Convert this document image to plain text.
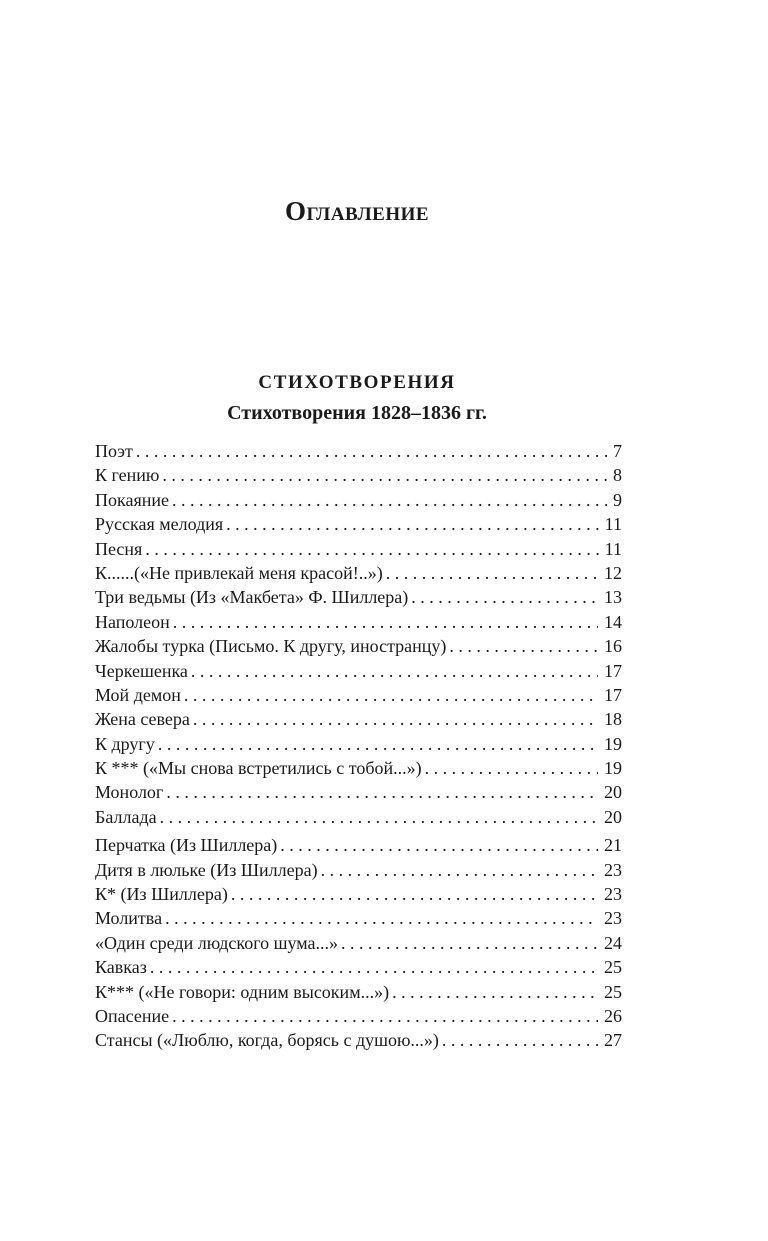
Оглавление
СТИХОТВОРЕНИЯ
Стихотворения 1828–1836 гг.
Поэт . . .	7
К гению . . .	8
Покаяние . . .	9
Русская мелодия . . .	11
Песня . . .	11
К......(«Не привлекай меня красой!..») . . .	12
Три ведьмы (Из «Макбета» Ф. Шиллера) . . .	13
Наполеон . . .	14
Жалобы турка (Письмо. К другу, иностранцу) . . .	16
Черкешенка . . .	17
Мой демон . . .	17
Жена севера . . .	18
К другу . . .	19
К *** («Мы снова встретились с тобой...») . . .	19
Монолог . . .	20
Баллада . . .	20
Перчатка (Из Шиллера) . . .	21
Дитя в люльке (Из Шиллера) . . .	23
К* (Из Шиллера) . . .	23
Молитва . . .	23
«Один среди людского шума...» . . .	24
Кавказ . . .	25
К*** («Не говори: одним высоким...») . . .	25
Опасение . . .	26
Стансы («Люблю, когда, борясь с душою...») . . .	27
